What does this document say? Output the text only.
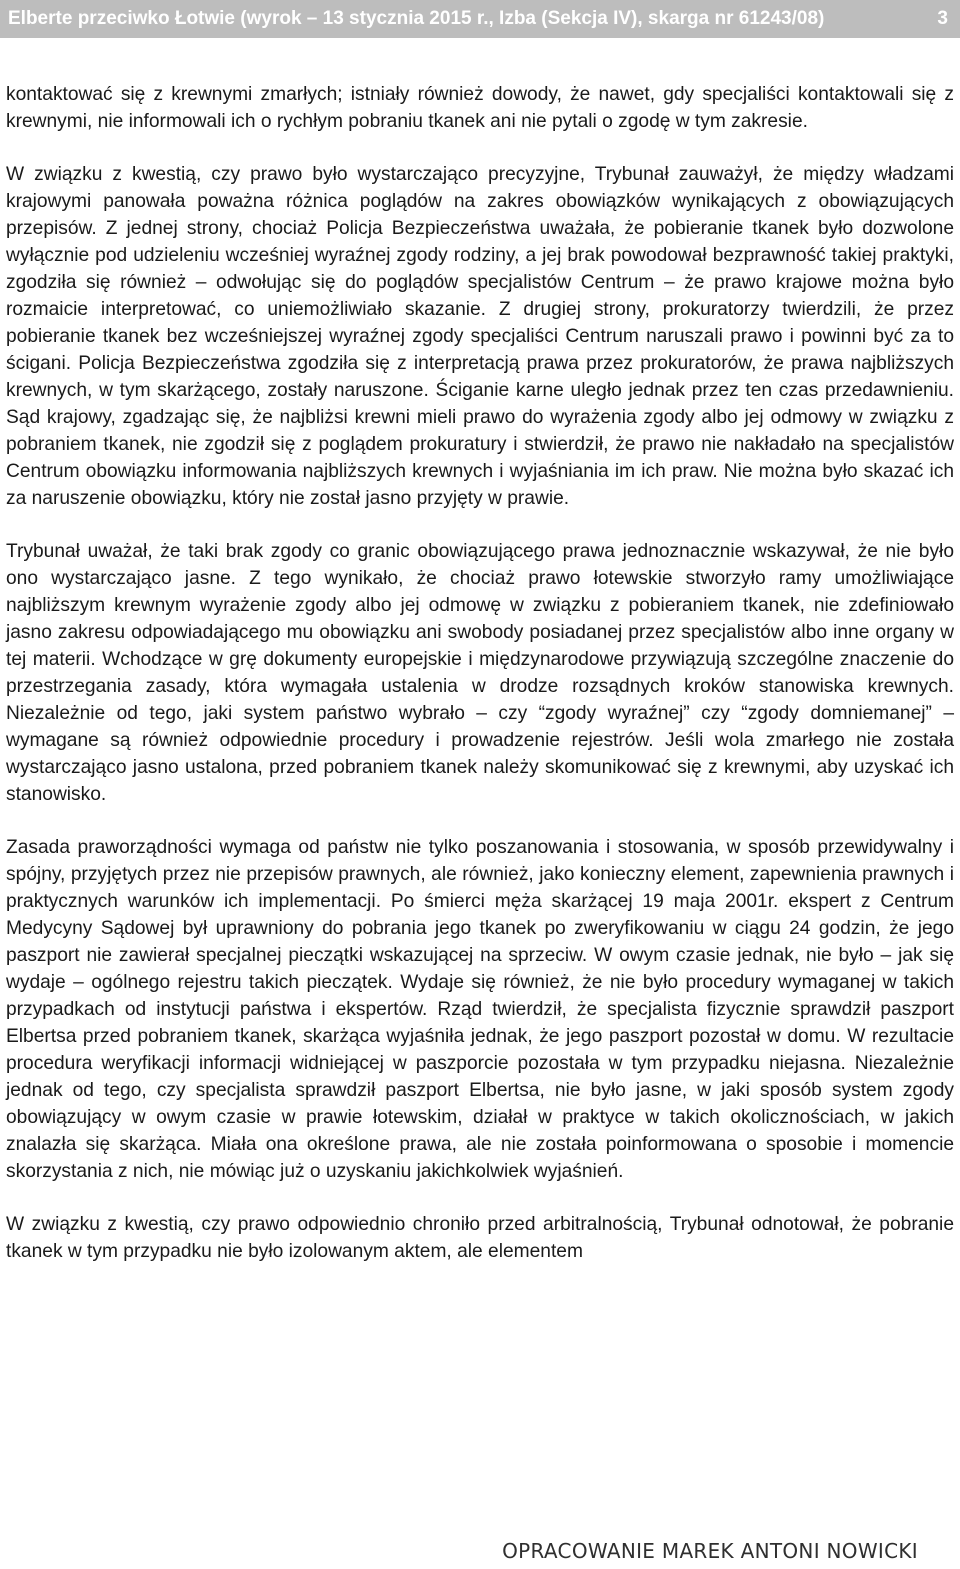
Elberte przeciwko Łotwie (wyrok – 13 stycznia 2015 r., Izba (Sekcja IV), skarga nr 61243/08)	3

kontaktować się z krewnymi zmarłych; istniały również dowody, że nawet, gdy specjaliści kontaktowali się z krewnymi, nie informowali ich o rychłym pobraniu tkanek ani nie pytali o zgodę w tym zakresie.

W związku z kwestią, czy prawo było wystarczająco precyzyjne, Trybunał zauważył, że między władzami krajowymi panowała poważna różnica poglądów na zakres obowiązków wynikających z obowiązujących przepisów. Z jednej strony, chociaż Policja Bezpieczeństwa uważała, że pobieranie tkanek było dozwolone wyłącznie pod udzieleniu wcześniej wyraźnej zgody rodziny, a jej brak powodował bezprawność takiej praktyki, zgodziła się również – odwołując się do poglądów specjalistów Centrum – że prawo krajowe można było rozmaicie interpretować, co uniemożliwiało skazanie. Z drugiej strony, prokuratorzy twierdzili, że przez pobieranie tkanek bez wcześniejszej wyraźnej zgody specjaliści Centrum naruszali prawo i powinni być za to ścigani. Policja Bezpieczeństwa zgodziła się z interpretacją prawa przez prokuratorów, że prawa najbliższych krewnych, w tym skarżącego, zostały naruszone. Ściganie karne uległo jednak przez ten czas przedawnieniu. Sąd krajowy, zgadzając się, że najbliżsi krewni mieli prawo do wyrażenia zgody albo jej odmowy w związku z pobraniem tkanek, nie zgodził się z poglądem prokuratury i stwierdził, że prawo nie nakładało na specjalistów Centrum obowiązku informowania najbliższych krewnych i wyjaśniania im ich praw. Nie można było skazać ich za naruszenie obowiązku, który nie został jasno przyjęty w prawie.

Trybunał uważał, że taki brak zgody co granic obowiązującego prawa jednoznacznie wskazywał, że nie było ono wystarczająco jasne. Z tego wynikało, że chociaż prawo łotewskie stworzyło ramy umożliwiające najbliższym krewnym wyrażenie zgody albo jej odmowę w związku z pobieraniem tkanek, nie zdefiniowało jasno zakresu odpowiadającego mu obowiązku ani swobody posiadanej przez specjalistów albo inne organy w tej materii. Wchodzące w grę dokumenty europejskie i międzynarodowe przywiązują szczególne znaczenie do przestrzegania zasady, która wymagała ustalenia w drodze rozsądnych kroków stanowiska krewnych. Niezależnie od tego, jaki system państwo wybrało – czy “zgody wyraźnej” czy “zgody domniemanej” – wymagane są również odpowiednie procedury i prowadzenie rejestrów. Jeśli wola zmarłego nie została wystarczająco jasno ustalona, przed pobraniem tkanek należy skomunikować się z krewnymi, aby uzyskać ich stanowisko.

Zasada praworządności wymaga od państw nie tylko poszanowania i stosowania, w sposób przewidywalny i spójny, przyjętych przez nie przepisów prawnych, ale również, jako konieczny element, zapewnienia prawnych i praktycznych warunków ich implementacji. Po śmierci męża skarżącej 19 maja 2001r. ekspert z Centrum Medycyny Sądowej był uprawniony do pobrania jego tkanek po zweryfikowaniu w ciągu 24 godzin, że jego paszport nie zawierał specjalnej pieczątki wskazującej na sprzeciw. W owym czasie jednak, nie było – jak się wydaje – ogólnego rejestru takich pieczątek. Wydaje się również, że nie było procedury wymaganej w takich przypadkach od instytucji państwa i ekspertów. Rząd twierdził, że specjalista fizycznie sprawdził paszport Elbertsa przed pobraniem tkanek, skarżąca wyjaśniła jednak, że jego paszport pozostał w domu. W rezultacie procedura weryfikacji informacji widniejącej w paszporcie pozostała w tym przypadku niejasna. Niezależnie jednak od tego, czy specjalista sprawdził paszport Elbertsa, nie było jasne, w jaki sposób system zgody obowiązujący w owym czasie w prawie łotewskim, działał w praktyce w takich okolicznościach, w jakich znalazła się skarżąca. Miała ona określone prawa, ale nie została poinformowana o sposobie i momencie skorzystania z nich, nie mówiąc już o uzyskaniu jakichkolwiek wyjaśnień.

W związku z kwestią, czy prawo odpowiednio chroniło przed arbitralnością, Trybunał odnotował, że pobranie tkanek w tym przypadku nie było izolowanym aktem, ale elementem

OPRACOWANIE MAREK ANTONI NOWICKI
